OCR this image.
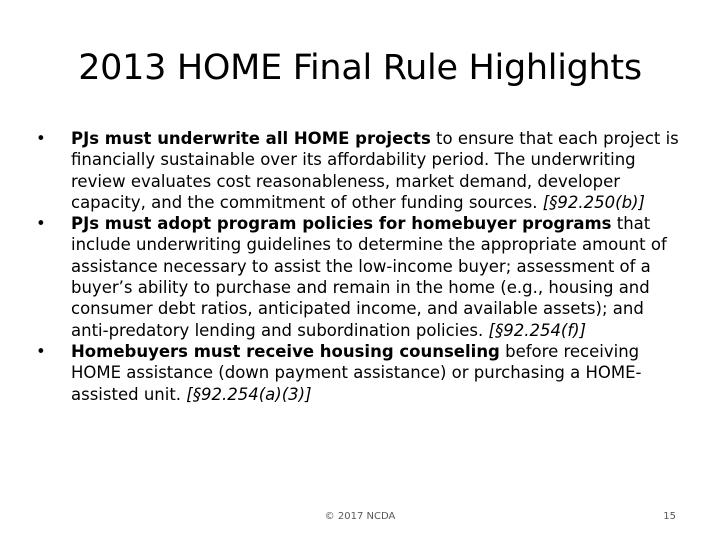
2013 HOME Final Rule Highlights
•	PJs must underwrite all HOME projects to ensure that each project is financially sustainable over its affordability period. The underwriting review evaluates cost reasonableness, market demand, developer capacity, and the commitment of other funding sources. [§92.250(b)]
•	PJs must adopt program policies for homebuyer programs that include underwriting guidelines to determine the appropriate amount of assistance necessary to assist the low-income buyer; assessment of a buyer’s ability to purchase and remain in the home (e.g., housing and consumer debt ratios, anticipated income, and available assets); and anti-predatory lending and subordination policies. [§92.254(f)]
•	Homebuyers must receive housing counseling before receiving HOME assistance (down payment assistance) or purchasing a HOME-assisted unit. [§92.254(a)(3)]
© 2017 NCDA	15
